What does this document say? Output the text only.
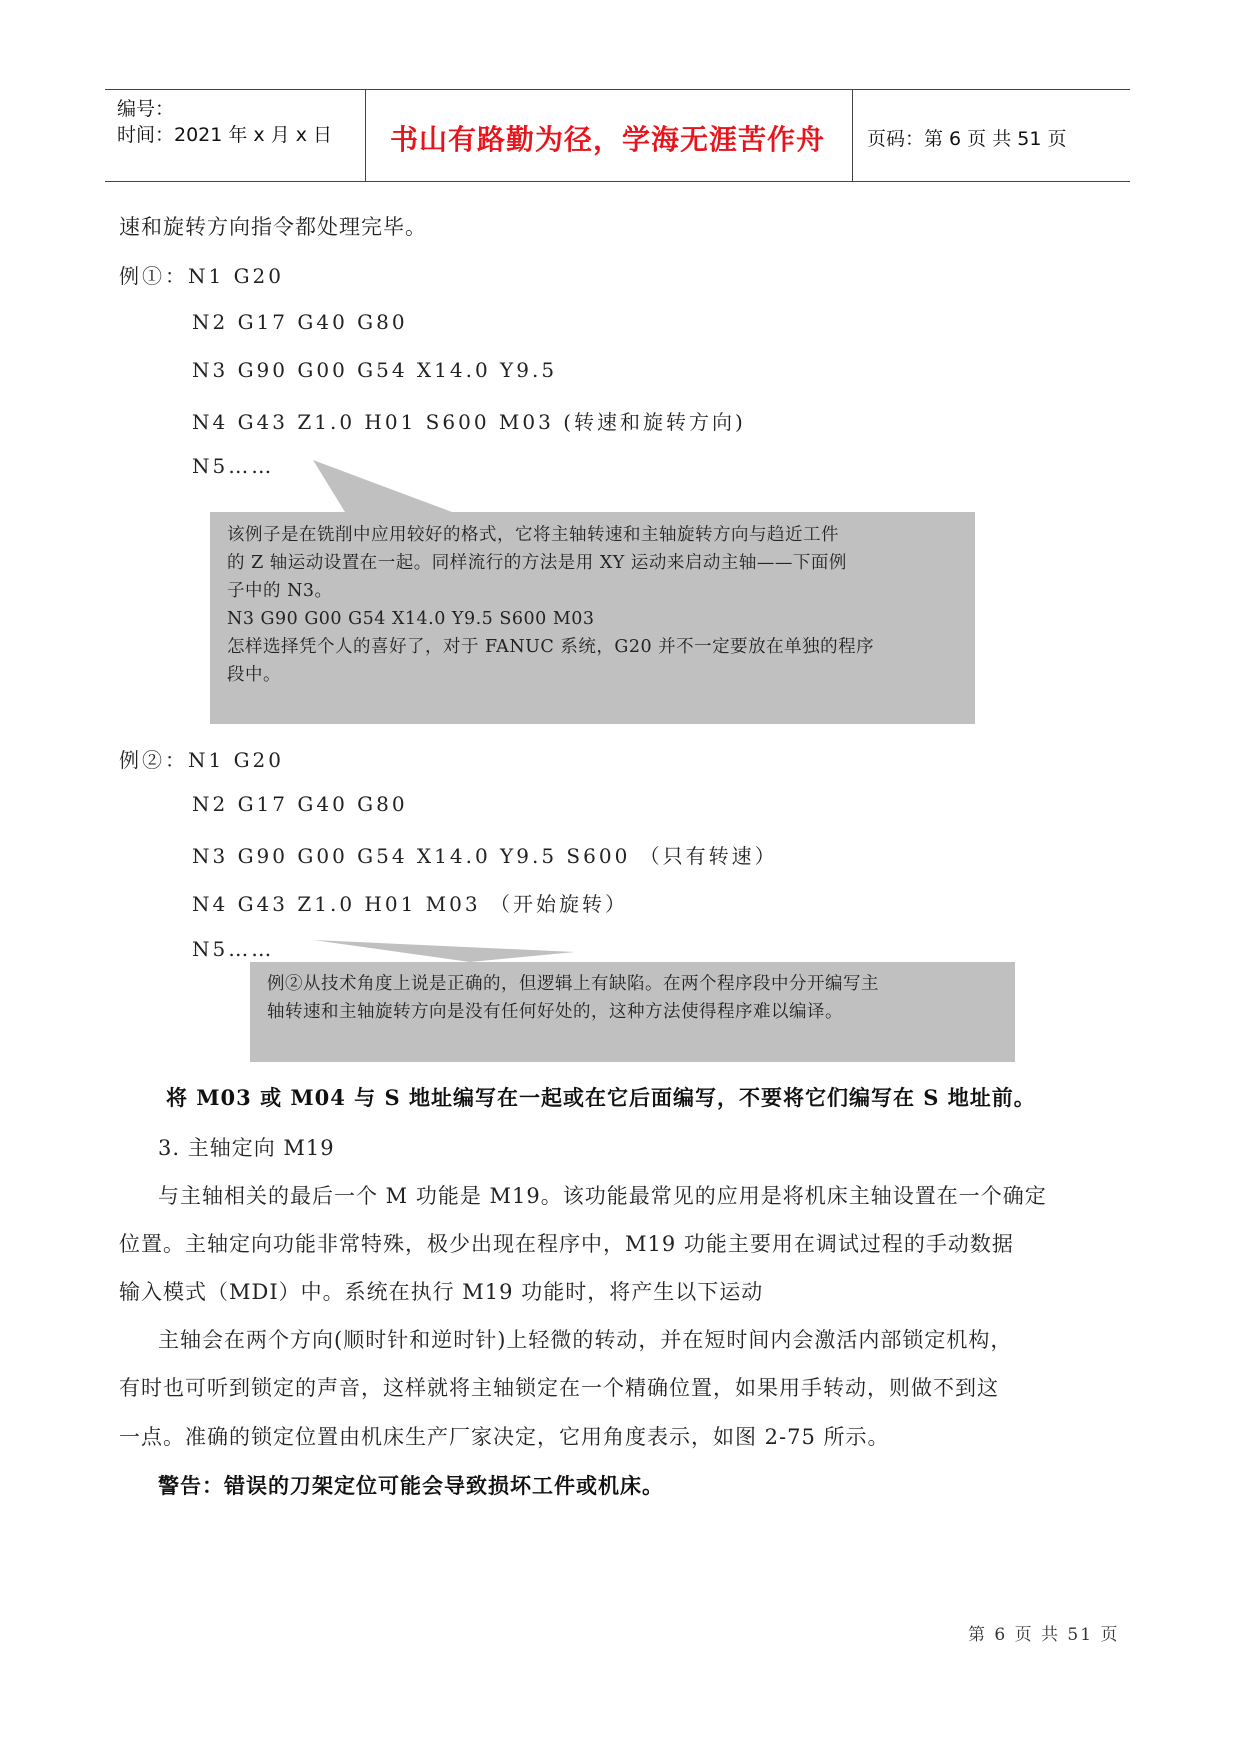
编号：
时间：2021 年 x 月 x 日 书山有路勤为径，学海无涯苦作舟 页码：第 6 页 共 51 页
速和旋转方向指令都处理完毕。
例①：N1 G20
N2 G17 G40 G80
N3 G90 G00 G54 X14.0 Y9.5
N4 G43 Z1.0 H01 S600 M03 (转速和旋转方向)
N5……
该例子是在铣削中应用较好的格式，它将主轴转速和主轴旋转方向与趋近工件
的 Z 轴运动设置在一起。同样流行的方法是用 XY 运动来启动主轴——下面例
子中的 N3。
N3 G90 G00 G54 X14.0 Y9.5 S600 M03
怎样选择凭个人的喜好了，对于 FANUC 系统，G20 并不一定要放在单独的程序
段中。
例②：N1 G20
N2 G17 G40 G80
N3 G90 G00 G54 X14.0 Y9.5 S600 （只有转速）
N4 G43 Z1.0 H01 M03 （开始旋转）
N5……
例②从技术角度上说是正确的，但逻辑上有缺陷。在两个程序段中分开编写主
轴转速和主轴旋转方向是没有任何好处的，这种方法使得程序难以编译。
将 M03 或 M04 与 S 地址编写在一起或在它后面编写，不要将它们编写在 S 地址前。
3. 主轴定向 M19
与主轴相关的最后一个 M 功能是 M19。该功能最常见的应用是将机床主轴设置在一个确定
位置。主轴定向功能非常特殊，极少出现在程序中，M19 功能主要用在调试过程的手动数据
输入模式（MDI）中。系统在执行 M19 功能时，将产生以下运动
主轴会在两个方向(顺时针和逆时针)上轻微的转动，并在短时间内会激活内部锁定机构，
有时也可听到锁定的声音，这样就将主轴锁定在一个精确位置，如果用手转动，则做不到这
一点。准确的锁定位置由机床生产厂家决定，它用角度表示，如图 2-75 所示。
警告：错误的刀架定位可能会导致损坏工件或机床。
第 6 页 共 51 页
